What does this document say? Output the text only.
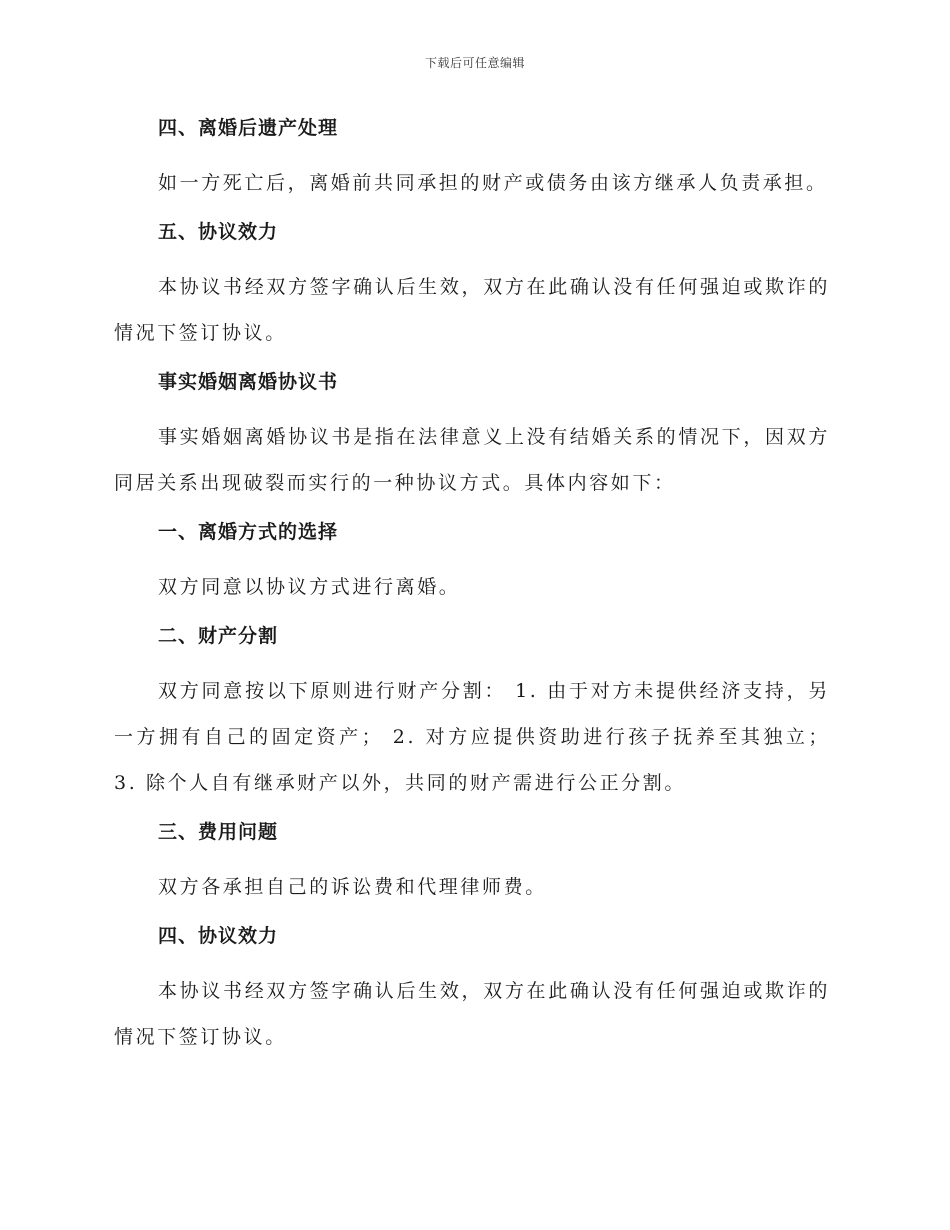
下载后可任意编辑
四、离婚后遗产处理
如一方死亡后，离婚前共同承担的财产或债务由该方继承人负责承担。
五、协议效力
本协议书经双方签字确认后生效，双方在此确认没有任何强迫或欺诈的情况下签订协议。
事实婚姻离婚协议书
事实婚姻离婚协议书是指在法律意义上没有结婚关系的情况下，因双方同居关系出现破裂而实行的一种协议方式。具体内容如下：
一、离婚方式的选择
双方同意以协议方式进行离婚。
二、财产分割
双方同意按以下原则进行财产分割： 1. 由于对方未提供经济支持，另一方拥有自己的固定资产； 2. 对方应提供资助进行孩子抚养至其独立； 3. 除个人自有继承财产以外，共同的财产需进行公正分割。
三、费用问题
双方各承担自己的诉讼费和代理律师费。
四、协议效力
本协议书经双方签字确认后生效，双方在此确认没有任何强迫或欺诈的情况下签订协议。
